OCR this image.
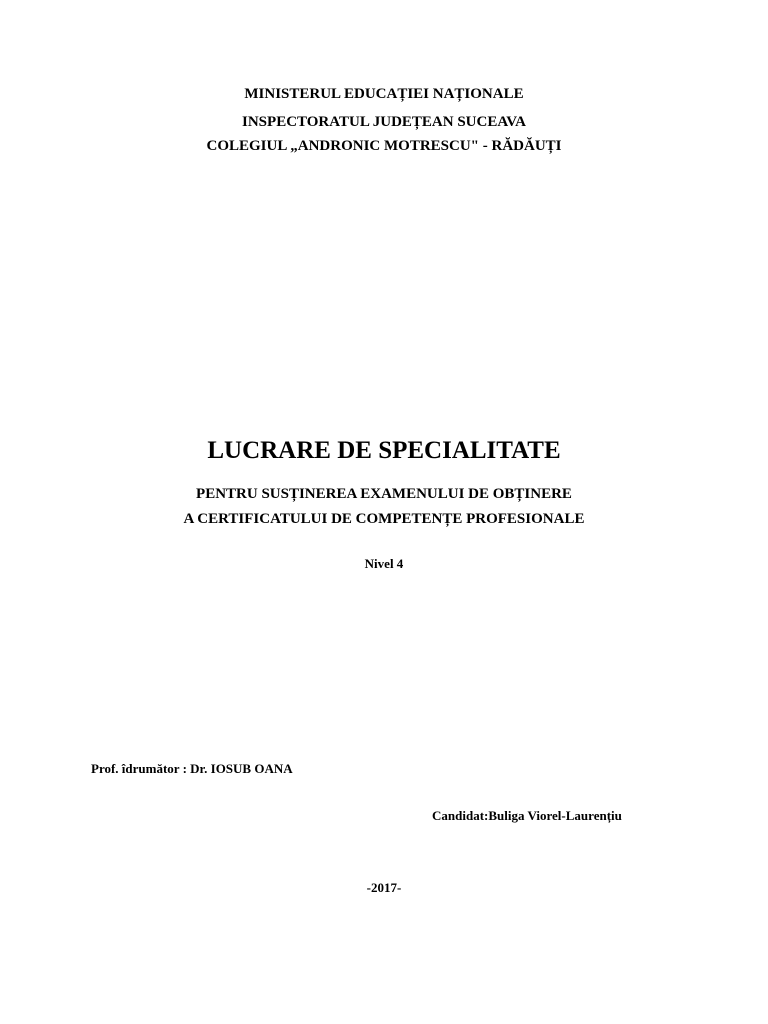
MINISTERUL EDUCAȚIEI NAȚIONALE
INSPECTORATUL JUDEȚEAN SUCEAVA
COLEGIUL „ANDRONIC MOTRESCU" - RĂDĂUȚI
LUCRARE DE SPECIALITATE
PENTRU SUSȚINEREA EXAMENULUI DE OBȚINERE
A CERTIFICATULUI DE COMPETENȚE PROFESIONALE
Nivel 4
Prof. îdrumător : Dr. IOSUB OANA
Candidat:Buliga Viorel-Laurențiu
-2017-
